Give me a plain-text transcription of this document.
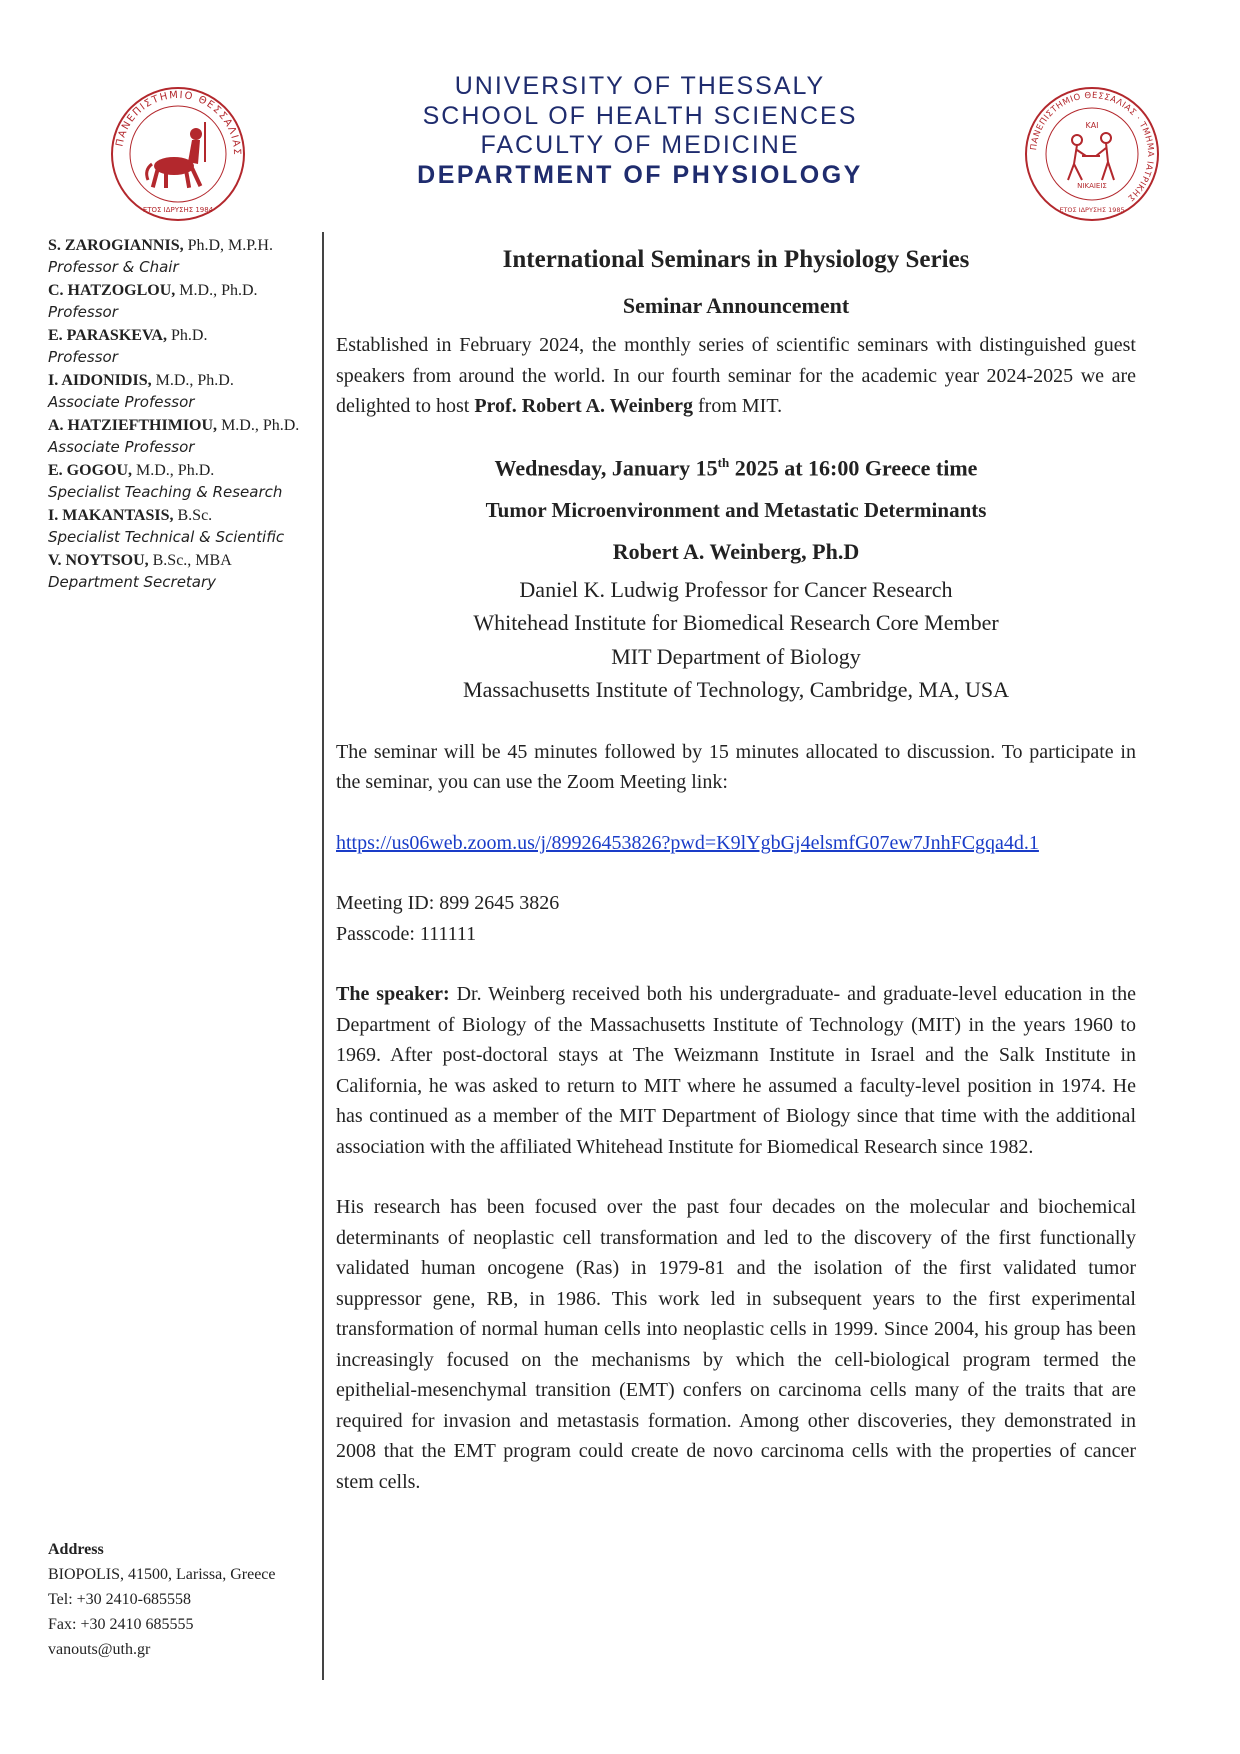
ΠΑΝΕΠΙΣΤΗΜΙΟ ΘΕΣΣΑΛΙΑΣ
ΕΤΟΣ ΙΔΡΥΣΗΣ 1984
UNIVERSITY OF THESSALY
SCHOOL OF HEALTH SCIENCES
FACULTY OF MEDICINE
DEPARTMENT OF PHYSIOLOGY
ΠΑΝΕΠΙΣΤΗΜΙΟ ΘΕΣΣΑΛΙΑΣ · ΤΜΗΜΑ ΙΑΤΡΙΚΗΣ
ΚΑΙ
ΝΙΚΑΙΕΙΣ
ΕΤΟΣ ΙΔΡΥΣΗΣ 1985
S. ZAROGIANNIS, Ph.D, M.P.H.
Professor & Chair
C. HATZOGLOU, M.D., Ph.D.
Professor
E. PARASKEVA, Ph.D.
Professor
I. AIDONIDIS, M.D., Ph.D.
Associate Professor
A. HATZIEFTHIMIOU, M.D., Ph.D.
Associate Professor
E. GOGOU, M.D., Ph.D.
Specialist Teaching & Research
I. MAKANTASIS, B.Sc.
Specialist Technical & Scientific
V. NOYTSOU, B.Sc., MBA
Department Secretary
Address
BIOPOLIS, 41500, Larissa, Greece
Tel: +30 2410-685558
Fax: +30 2410 685555
vanouts@uth.gr
International Seminars in Physiology Series
Seminar Announcement

Established in February 2024, the monthly series of scientific seminars with distinguished guest speakers from around the world. In our fourth seminar for the academic year 2024-2025 we are delighted to host Prof. Robert A. Weinberg from MIT.

Wednesday, January 15th 2025 at 16:00 Greece time
Tumor Microenvironment and Metastatic Determinants
Robert A. Weinberg, Ph.D
Daniel K. Ludwig Professor for Cancer Research
Whitehead Institute for Biomedical Research Core Member
MIT Department of Biology
Massachusetts Institute of Technology, Cambridge, MA, USA

The seminar will be 45 minutes followed by 15 minutes allocated to discussion. To participate in the seminar, you can use the Zoom Meeting link:

https://us06web.zoom.us/j/89926453826?pwd=K9lYgbGj4elsmfG07ew7JnhFCgqa4d.1

Meeting ID: 899 2645 3826
Passcode: 111111

The speaker: Dr. Weinberg received both his undergraduate- and graduate-level education in the Department of Biology of the Massachusetts Institute of Technology (MIT) in the years 1960 to 1969. After post-doctoral stays at The Weizmann Institute in Israel and the Salk Institute in California, he was asked to return to MIT where he assumed a faculty-level position in 1974. He has continued as a member of the MIT Department of Biology since that time with the additional association with the affiliated Whitehead Institute for Biomedical Research since 1982.

His research has been focused over the past four decades on the molecular and biochemical determinants of neoplastic cell transformation and led to the discovery of the first functionally validated human oncogene (Ras) in 1979-81 and the isolation of the first validated tumor suppressor gene, RB, in 1986. This work led in subsequent years to the first experimental transformation of normal human cells into neoplastic cells in 1999. Since 2004, his group has been increasingly focused on the mechanisms by which the cell-biological program termed the epithelial-mesenchymal transition (EMT) confers on carcinoma cells many of the traits that are required for invasion and metastasis formation. Among other discoveries, they demonstrated in 2008 that the EMT program could create de novo carcinoma cells with the properties of cancer stem cells.
